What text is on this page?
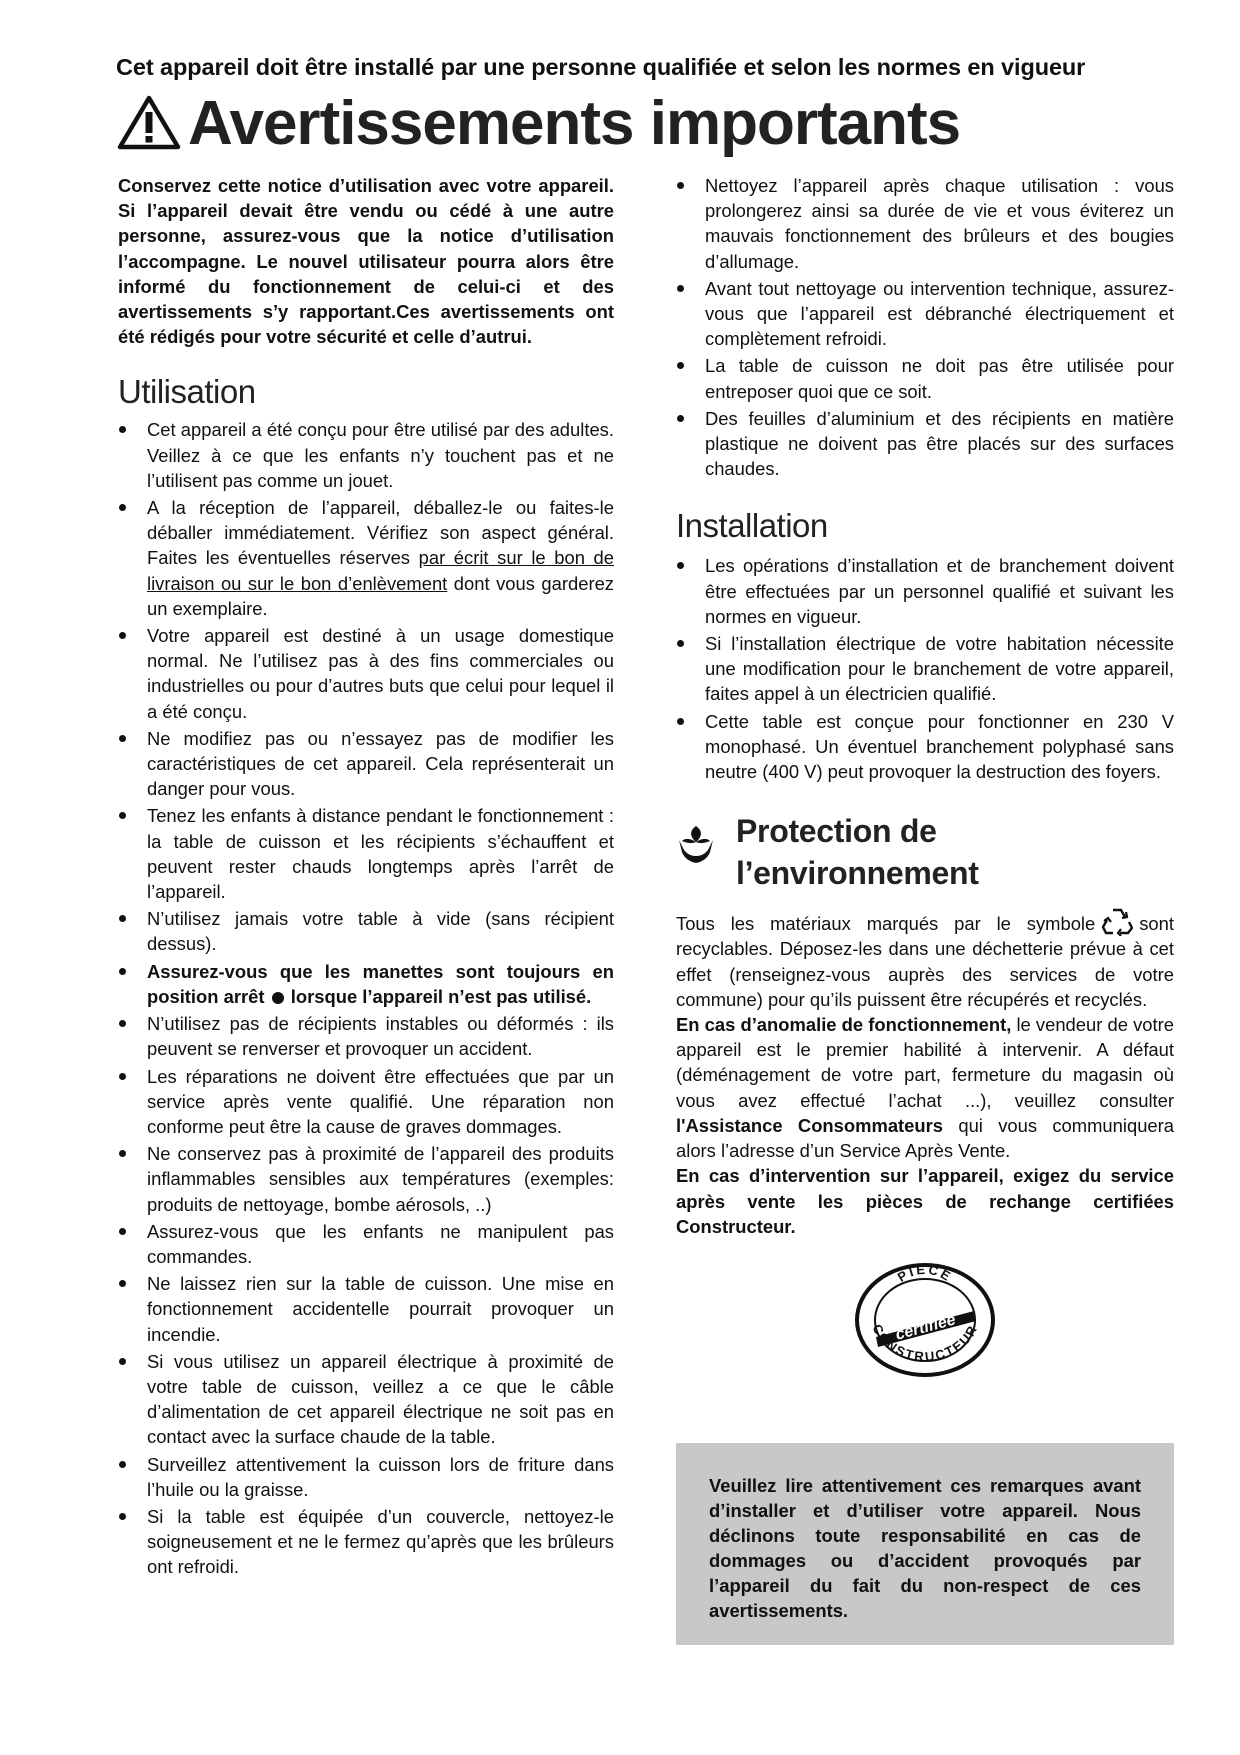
Cet appareil doit être installé par une personne qualifiée et selon les normes en vigueur
Avertissements importants

Conservez cette notice d’utilisation avec votre appareil. Si l’appareil devait être vendu ou cédé à une autre personne, assurez-vous que la notice d’utilisation l’accompagne. Le nouvel utilisateur pourra alors être informé du fonctionnement de celui-ci et des avertissements s’y rapportant.Ces avertissements ont été rédigés pour votre sécurité et celle d’autrui.

Utilisation
Cet appareil a été conçu pour être utilisé par des adultes. Veillez à ce que les enfants n’y touchent pas et ne l’utilisent pas comme un jouet.
A la réception de l’appareil, déballez-le ou faites-le déballer immédiatement. Vérifiez son aspect général. Faites les éventuelles réserves par écrit sur le bon de livraison ou sur le bon d’enlèvement dont vous garderez un exemplaire.
Votre appareil est destiné à un usage domestique normal. Ne l’utilisez pas à des fins commerciales ou industrielles ou pour d’autres buts que celui pour lequel il a été conçu.
Ne modifiez pas ou n’essayez pas de modifier les caractéristiques de cet appareil. Cela représenterait un danger pour vous.
Tenez les enfants à distance pendant le fonctionnement : la table de cuisson et les récipients s’échauffent et peuvent rester chauds longtemps après l’arrêt de l’appareil.
N’utilisez jamais votre table à vide (sans récipient dessus).
Assurez-vous que les manettes sont toujours en position arrêt lorsque l’appareil n’est pas utilisé.
N’utilisez pas de récipients instables ou déformés : ils peuvent se renverser et provoquer un accident.
Les réparations ne doivent être effectuées que par un service après vente qualifié. Une réparation non conforme peut être la cause de graves dommages.
Ne conservez pas à proximité de l’appareil des produits inflammables sensibles aux températures (exemples: produits de nettoyage, bombe aérosols, ..)
Assurez-vous que les enfants ne manipulent pas commandes.
Ne laissez rien sur la table de cuisson. Une mise en fonctionnement accidentelle pourrait provoquer un incendie.
Si vous utilisez un appareil électrique à proximité de votre table de cuisson, veillez a ce que le câble d’alimentation de cet appareil électrique ne soit pas en contact avec la surface chaude de la table.
Surveillez attentivement la cuisson lors de friture dans l’huile ou la graisse.
Si la table est équipée d’un couvercle, nettoyez-le soigneusement et ne le fermez qu’après que les brûleurs ont refroidi.
Nettoyez l’appareil après chaque utilisation : vous prolongerez ainsi sa durée de vie et vous éviterez un mauvais fonctionnement des brûleurs et des bougies d’allumage.
Avant tout nettoyage ou intervention technique, assurez-vous que l’appareil est débranché électriquement et complètement refroidi.
La table de cuisson ne doit pas être utilisée pour entreposer quoi que ce soit.
Des feuilles d’aluminium et des récipients en matière plastique ne doivent pas être placés sur des surfaces chaudes.
Installation
Les opérations d’installation et de branchement doivent être effectuées par un personnel qualifié et suivant les normes en vigueur.
Si l’installation électrique de votre habitation nécessite une modification pour le branchement de votre appareil, faites appel à un électricien qualifié.
Cette table est conçue pour fonctionner en 230 V monophasé. Un éventuel branchement polyphasé sans neutre (400 V) peut provoquer la destruction des foyers.
Protection de
l’environnement

Tous les matériaux marqués par le symbole sont recyclables. Déposez-les dans une déchetterie prévue à cet effet (renseignez-vous auprès des services de votre commune) pour qu’ils puissent être récupérés et recyclés.

En cas d’anomalie de fonctionnement, le vendeur de votre appareil est le premier habilité à intervenir. A défaut (déménagement de votre part, fermeture du magasin où vous avez effectué l’achat ...), veuillez consulter l'Assistance Consommateurs qui vous communiquera alors l’adresse d’un Service Après Vente.

En cas d’intervention sur l’appareil, exigez du service après vente les pièces de rechange certifiées Constructeur.

PIECE
certifiée
CONSTRUCTEUR

Veuillez lire attentivement ces remarques avant d’installer et d’utiliser votre appareil. Nous déclinons toute responsabilité en cas de dommages ou d’accident provoqués par l’appareil du fait du non-respect de ces avertissements.
